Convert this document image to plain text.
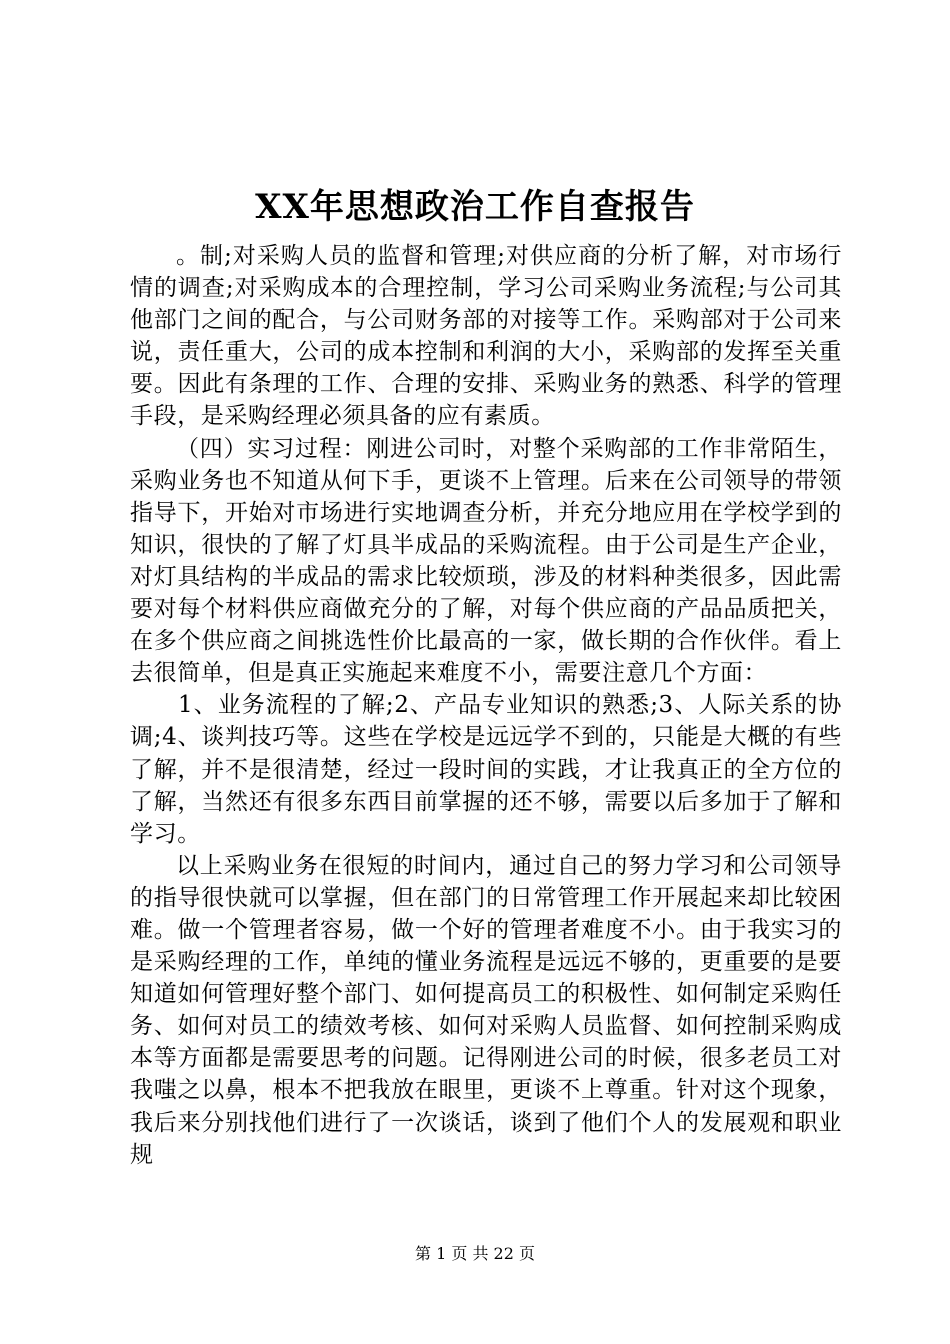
XX年思想政治工作自查报告

。制;对采购人员的监督和管理;对供应商的分析了解，对市场行情的调查;对采购成本的合理控制，学习公司采购业务流程;与公司其他部门之间的配合，与公司财务部的对接等工作。采购部对于公司来说，责任重大，公司的成本控制和利润的大小，采购部的发挥至关重要。因此有条理的工作、合理的安排、采购业务的熟悉、科学的管理手段，是采购经理必须具备的应有素质。

（四）实习过程：刚进公司时，对整个采购部的工作非常陌生，采购业务也不知道从何下手，更谈不上管理。后来在公司领导的带领指导下，开始对市场进行实地调查分析，并充分地应用在学校学到的知识，很快的了解了灯具半成品的采购流程。由于公司是生产企业，对灯具结构的半成品的需求比较烦琐，涉及的材料种类很多，因此需要对每个材料供应商做充分的了解，对每个供应商的产品品质把关，在多个供应商之间挑选性价比最高的一家，做长期的合作伙伴。看上去很简单，但是真正实施起来难度不小，需要注意几个方面：

1、业务流程的了解;2、产品专业知识的熟悉;3、人际关系的协调;4、谈判技巧等。这些在学校是远远学不到的，只能是大概的有些了解，并不是很清楚，经过一段时间的实践，才让我真正的全方位的了解，当然还有很多东西目前掌握的还不够，需要以后多加于了解和学习。

以上采购业务在很短的时间内，通过自己的努力学习和公司领导的指导很快就可以掌握，但在部门的日常管理工作开展起来却比较困难。做一个管理者容易，做一个好的管理者难度不小。由于我实习的是采购经理的工作，单纯的懂业务流程是远远不够的，更重要的是要知道如何管理好整个部门、如何提高员工的积极性、如何制定采购任务、如何对员工的绩效考核、如何对采购人员监督、如何控制采购成本等方面都是需要思考的问题。记得刚进公司的时候，很多老员工对我嗤之以鼻，根本不把我放在眼里，更谈不上尊重。针对这个现象，我后来分别找他们进行了一次谈话，谈到了他们个人的发展观和职业规

第 1 页 共 22 页
